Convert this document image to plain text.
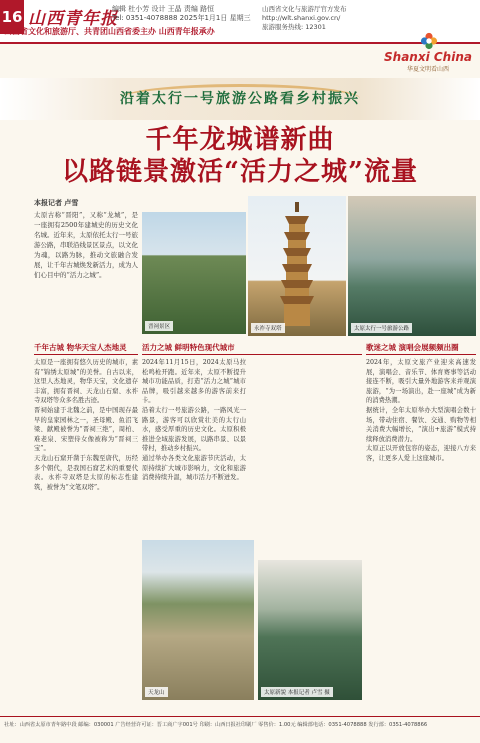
16 山西青年报
编辑 杜小芳 设计 王晶 责编 路恒
Tel: 0351-4078888 2025年1月1日 星期三
山西省文化与旅游厅官方发布 http://wlt.shanxi.gov.cn/
旅游服务热线: 12301
山西省文化和旅游厅、共青团山西省委主办 山西青年报承办
Shanxi China
华夏文明看山西
沿着太行一号旅游公路看乡村振兴
千年龙城谱新曲
以路链景激活“活力之城”流量
本报记者 卢雪
太原古称“晋阳”，又称“龙城”，是一座拥有2500年建城史的历史文化名城。近年来，太原依托太行一号旅游公路，串联沿线景区景点，以文化为魂，以路为脉，推动文旅融合发展，让千年古城焕发新活力，成为人们心目中的“活力之城”。
晋祠景区	永祚寺双塔	太原太行一号旅游公路
千年古城 物华天宝人杰地灵
太原是一座拥有悠久历史的城市，素有“锦绣太原城”的美誉。自古以来，这里人杰地灵，物华天宝，文化遗存丰富，拥有晋祠、天龙山石窟、永祚寺双塔等众多名胜古迹。
晋祠始建于北魏之前，是中国现存最早的皇家园林之一，圣母殿、鱼沼飞梁、献殿被誉为“晋祠三绝”，周柏、难老泉、宋塑侍女像被称为“晋祠三宝”。
天龙山石窟开凿于东魏至唐代，历经多个朝代，是我国石窟艺术的重要代表。永祚寺双塔是太原的标志性建筑，被誉为“文笔双塔”。
活力之城 鲜明特色现代城市
2024年11月15日，2024太原马拉松鸣枪开跑。近年来，太原不断提升城市功能品质，打造“活力之城”城市品牌，吸引越来越多的游客前来打卡。
沿着太行一号旅游公路，一路风光一路景，游客可以欣赏壮美的太行山水，感受厚重的历史文化。太原积极推进全域旅游发展，以路串景、以景带村，推动乡村振兴。
通过举办各类文化旅游节庆活动，太原持续扩大城市影响力，文化和旅游消费持续升温，城市活力不断迸发。
天龙山	太原新貌 本报记者 卢雪 摄
歌迷之城 演唱会展频频出圈
2024年，太原文旅产业迎来高速发展，演唱会、音乐节、体育赛事等活动接连不断，吸引大量外地游客来并观演旅游，“为一场演出，赴一座城”成为新的消费热潮。
据统计，全年太原举办大型演唱会数十场，带动住宿、餐饮、交通、购物等相关消费大幅增长，“演出+旅游”模式持续释放消费潜力。
太原正以开放包容的姿态，迎接八方来客，让更多人爱上这座城市。
社址：山西省太原市青年路中段 邮编：030001 广告经营许可证：晋工商广字001号 印刷：山西日报社印刷厂 零售价：1.00元 编辑部电话：0351-4078888 发行部：0351-4078866
